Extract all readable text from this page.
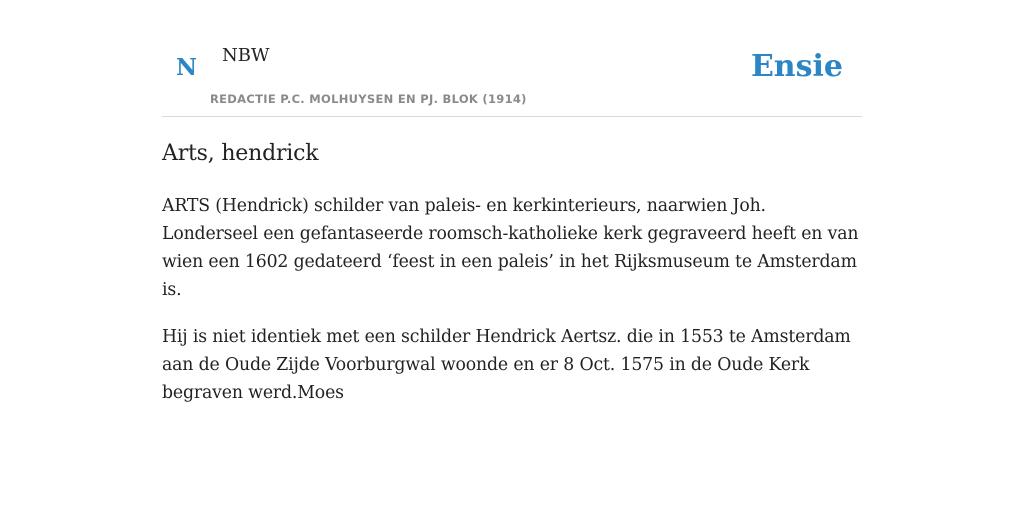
N NBW
REDACTIE P.C. MOLHUYSEN EN PJ. BLOK (1914)
Ensie
Arts, hendrick

ARTS (Hendrick) schilder van paleis- en kerkinterieurs, naarwien Joh. Londerseel een gefantaseerde roomsch-katholieke kerk gegraveerd heeft en van wien een 1602 gedateerd ‘feest in een paleis’ in het Rijksmuseum te Amsterdam is.

Hij is niet identiek met een schilder Hendrick Aertsz. die in 1553 te Amsterdam aan de Oude Zijde Voorburgwal woonde en er 8 Oct. 1575 in de Oude Kerk begraven werd.Moes
